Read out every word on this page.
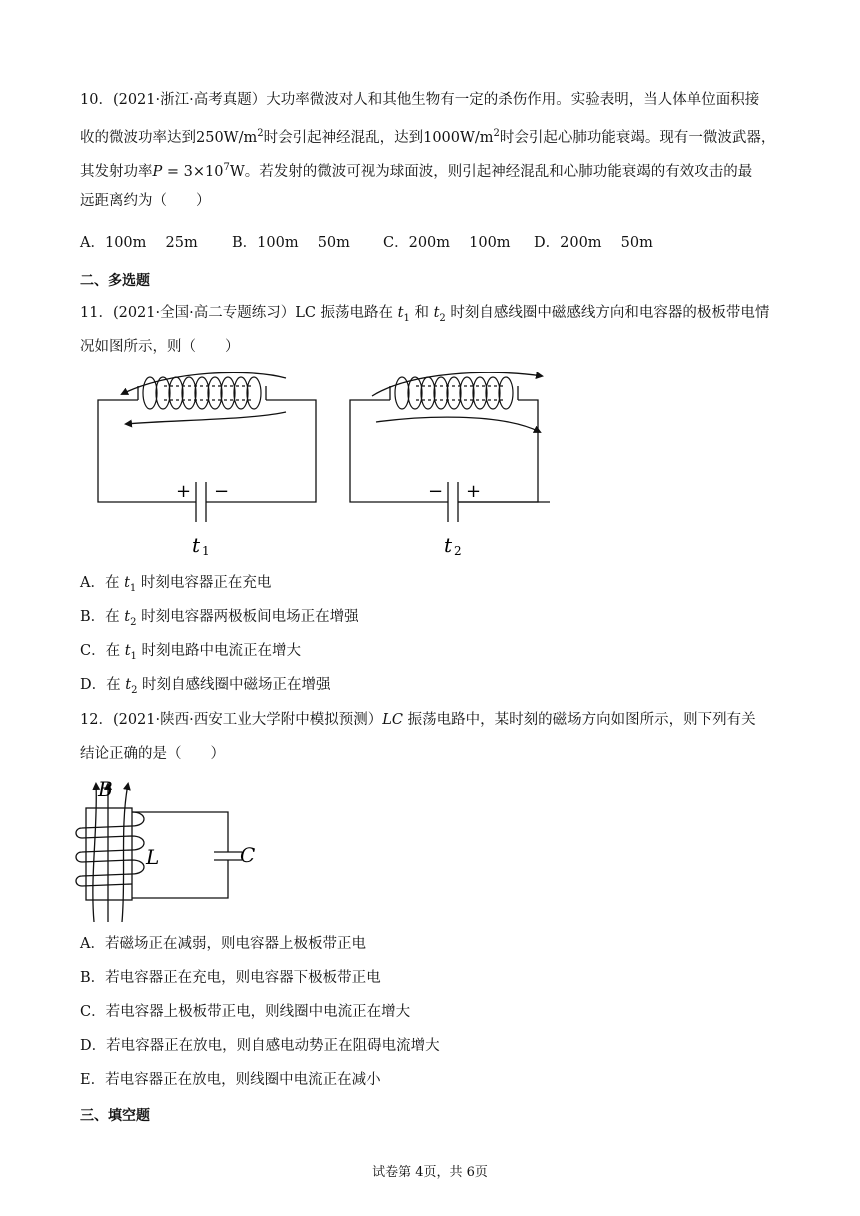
10．(2021·浙江·高考真题）大功率微波对人和其他生物有一定的杀伤作用。实验表明，当人体单位面积接
收的微波功率达到$250W/m^2$时会引起神经混乱，达到$1000W/m^2$时会引起心肺功能衰竭。现有一微波武器，
其发射功率$P = 3\times 10^7W$。若发射的微波可视为球面波，则引起神经混乱和心肺功能衰竭的有效攻击的最
远距离约为（　　）
A．100m　 25m B．100m　 50m C．200m　 100m D．200m　 50m
二、多选题
11．(2021·全国·高二专题练习）LC 振荡电路在 $t_1$ 和 $t_2$ 时刻自感线圈中磁感线方向和电容器的极板带电情
况如图所示，则（　　）
+ −
t 1
− +
t 2
A．在 $t_1$ 时刻电容器正在充电
B．在 $t_2$ 时刻电容器两极板间电场正在增强
C．在 $t_1$ 时刻电路中电流正在增大
D．在 $t_2$ 时刻自感线圈中磁场正在增强
12．(2021·陕西·西安工业大学附中模拟预测）LC 振荡电路中，某时刻的磁场方向如图所示，则下列有关
结论正确的是（　　）
B
L	C
A．若磁场正在减弱，则电容器上极板带正电
B．若电容器正在充电，则电容器下极板带正电
C．若电容器上极板带正电，则线圈中电流正在增大
D．若电容器正在放电，则自感电动势正在阻碍电流增大
E．若电容器正在放电，则线圈中电流正在减小
三、填空题
试卷第 4页，共 6页
